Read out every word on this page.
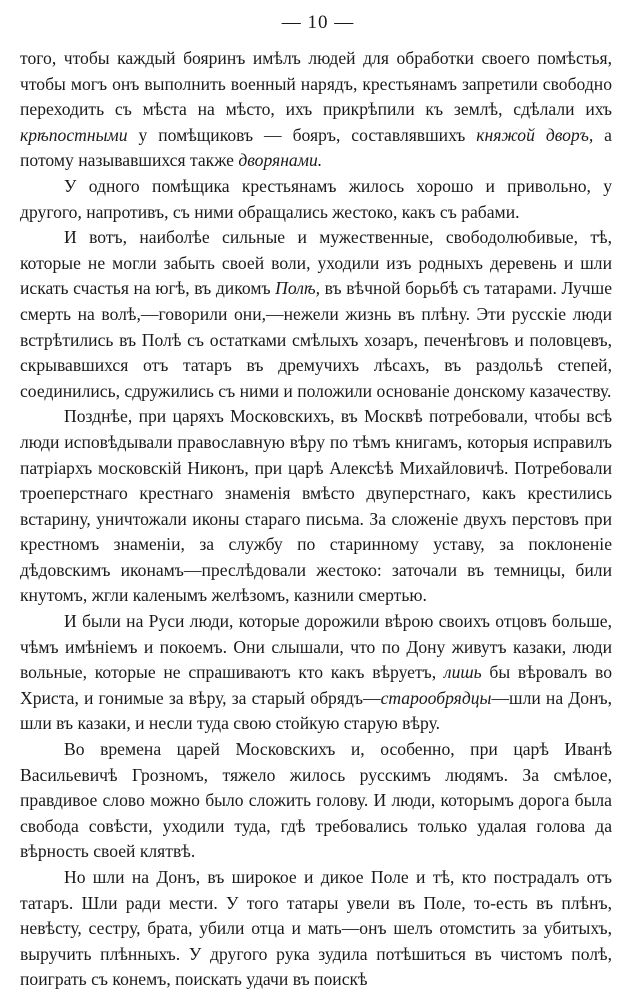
— 10 —

того, чтобы каждый бояринъ имѣлъ людей для обработки своего помѣстья, чтобы могъ онъ выполнить военный нарядъ, крестьянамъ запретили свободно переходить съ мѣста на мѣсто, ихъ прикрѣпили къ землѣ, сдѣлали ихъ крѣпостными у помѣщиковъ — бояръ, составлявшихъ княжой дворъ, а потому называвшихся также дворянами.

У одного помѣщика крестьянамъ жилось хорошо и привольно, у другого, напротивъ, съ ними обращались жестоко, какъ съ рабами.

И вотъ, наиболѣе сильные и мужественные, свободолюбивые, тѣ, которые не могли забыть своей воли, уходили изъ родныхъ деревень и шли искать счастья на югѣ, въ дикомъ Полѣ, въ вѣчной борьбѣ съ татарами. Лучше смерть на волѣ,—говорили они,—нежели жизнь въ плѣну. Эти русскіе люди встрѣтились въ Полѣ съ остатками смѣлыхъ хозаръ, печенѣговъ и половцевъ, скрывавшихся отъ татаръ въ дремучихъ лѣсахъ, въ раздольѣ степей, соединились, сдружились съ ними и положили основаніе донскому казачеству.

Позднѣе, при царяхъ Московскихъ, въ Москвѣ потребовали, чтобы всѣ люди исповѣдывали православную вѣру по тѣмъ книгамъ, которыя исправилъ патріархъ московскій Никонъ, при царѣ Алексѣѣ Михайловичѣ. Потребовали троеперстнаго крестнаго знаменія вмѣсто двуперстнаго, какъ крестились встарину, уничтожали иконы стараго письма. За сложеніе двухъ перстовъ при крестномъ знаменіи, за службу по старинному уставу, за поклоненіе дѣдовскимъ иконамъ—преслѣдовали жестоко: заточали въ темницы, били кнутомъ, жгли каленымъ желѣзомъ, казнили смертью.

И были на Руси люди, которые дорожили вѣрою своихъ отцовъ больше, чѣмъ имѣніемъ и покоемъ. Они слышали, что по Дону живутъ казаки, люди вольные, которые не спрашиваютъ кто какъ вѣруетъ, лишь бы вѣровалъ во Христа, и гонимые за вѣру, за старый обрядъ—старообрядцы—шли на Донъ, шли въ казаки, и несли туда свою стойкую старую вѣру.

Во времена царей Московскихъ и, особенно, при царѣ Иванѣ Васильевичѣ Грозномъ, тяжело жилось русскимъ людямъ. За смѣлое, правдивое слово можно было сложить голову. И люди, которымъ дорога была свобода совѣсти, уходили туда, гдѣ требовались только удалая голова да вѣрность своей клятвѣ.

Но шли на Донъ, въ широкое и дикое Поле и тѣ, кто пострадалъ отъ татаръ. Шли ради мести. У того татары увели въ Поле, то-есть въ плѣнъ, невѣсту, сестру, брата, убили отца и мать—онъ шелъ отомстить за убитыхъ, выручить плѣнныхъ. У другого рука зудила потѣшиться въ чистомъ полѣ, поиграть съ конемъ, поискать удачи въ поискѣ
